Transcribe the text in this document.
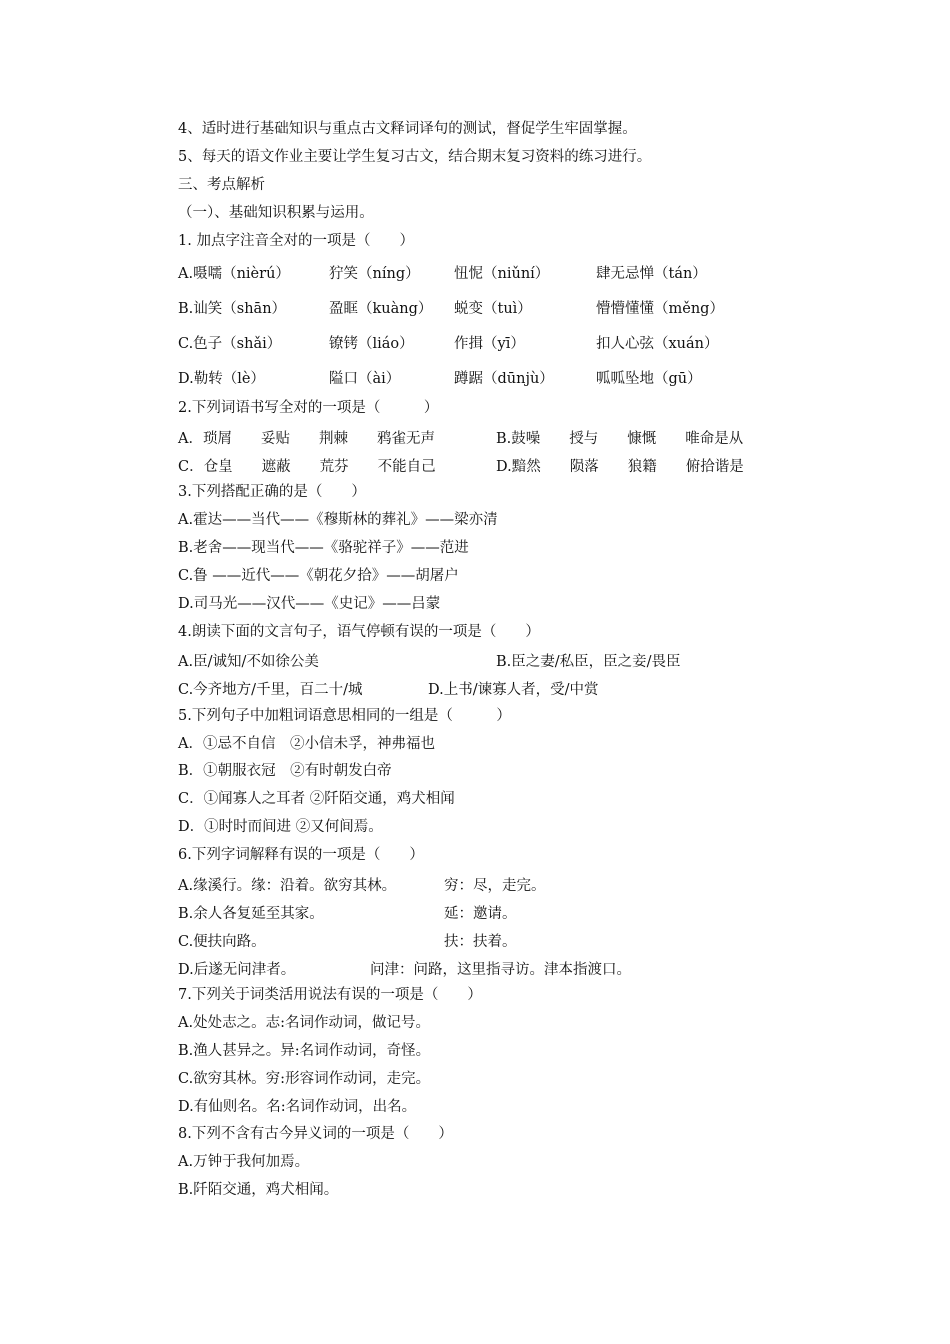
4、适时进行基础知识与重点古文释词译句的测试，督促学生牢固掌握。
5、每天的语文作业主要让学生复习古文，结合期末复习资料的练习进行。
三、考点解析
（一）、基础知识积累与运用。
1. 加点字注音全对的一项是（　　）
A.嗫嚅（nièrú）	狞笑（níng）	忸怩（niǔní）	肆无忌惮（tán）
B.讪笑（shān）	盈眶（kuàng）	蜕变（tuì）	懵懵懂懂（měng）
C.色子（shǎi）	镣铐（liáo）	作揖（yī）	扣人心弦（xuán）
D.勒转（lè）	隘口（ài）	蹲踞（dūnjù）	呱呱坠地（gū）
2.下列词语书写全对的一项是（　　　）
A．琐屑　　妥贴　　荆棘　　鸦雀无声	B.鼓噪　　授与　　慷慨　　唯命是从
C．仓皇　　遮蔽　　荒芬　　不能自己	D.黯然　　陨落　　狼籍　　俯拾谐是
3.下列搭配正确的是（　　）
A.霍达——当代——《穆斯林的葬礼》——梁亦清
B.老舍——现当代——《骆驼祥子》——范进
C.鲁 ——近代——《朝花夕拾》——胡屠户
D.司马光——汉代——《史记》——吕蒙
4.朗读下面的文言句子，语气停顿有误的一项是（　　）
A.臣/诚知/不如徐公美	B.臣之妻/私臣，臣之妾/畏臣
C.今齐地方/千里，百二十/城	D.上书/谏寡人者，受/中赏
5.下列句子中加粗词语意思相同的一组是（　　　）
A．①忌不自信　②小信未孚，神弗福也
B．①朝服衣冠　②有时朝发白帝
C．①闻寡人之耳者 ②阡陌交通，鸡犬相闻
D．①时时而间进 ②又何间焉。
6.下列字词解释有误的一项是（　　）
A.缘溪行。缘：沿着。欲穷其林。	穷：尽，走完。
B.余人各复延至其家。	延：邀请。
C.便扶向路。	扶：扶着。
D.后遂无问津者。	问津：问路，这里指寻访。津本指渡口。
7.下列关于词类活用说法有误的一项是（　　）
A.处处志之。志:名词作动词，做记号。
B.渔人甚异之。异:名词作动词，奇怪。
C.欲穷其林。穷:形容词作动词，走完。
D.有仙则名。名:名词作动词，出名。
8.下列不含有古今异义词的一项是（　　）
A.万钟于我何加焉。
B.阡陌交通，鸡犬相闻。
